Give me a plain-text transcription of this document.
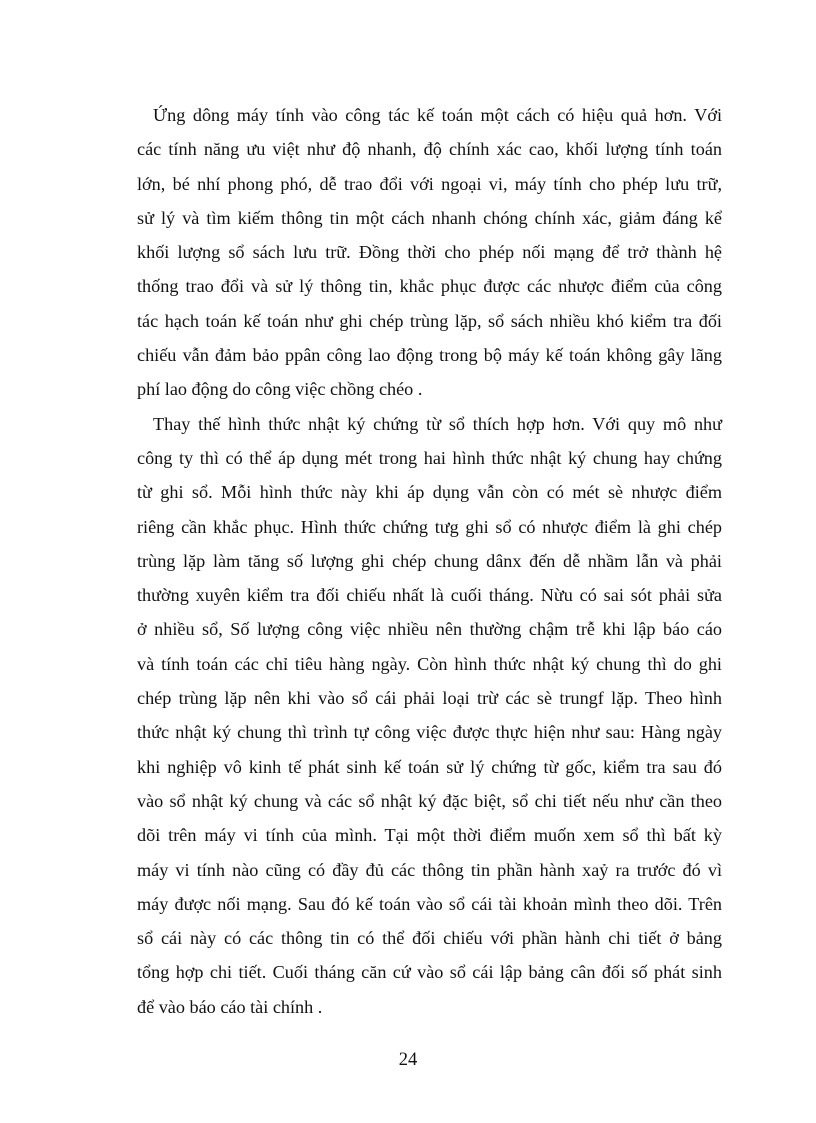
Ứng dông máy tính vào công tác kế toán một cách có hiệu quả hơn. Với
các tính năng ưu việt như độ nhanh, độ chính xác cao, khối lượng tính toán
lớn, bé nhí phong phó, dễ trao đổi với ngoại vi, máy tính cho phép lưu trữ,
sử lý và tìm kiếm thông tin một cách nhanh chóng chính xác, giảm đáng kể
khối lượng sổ sách lưu trữ. Đồng thời cho phép nối mạng để trở thành hệ
thống trao đổi và sử lý thông tin, khắc phục được các nhược điểm của công
tác hạch toán kế toán như ghi chép trùng lặp, sổ sách nhiều khó kiểm tra đối
chiếu vẫn đảm bảo ppân công lao động trong bộ máy kế toán không gây lãng
phí lao động do công việc chồng chéo .
Thay thế hình thức nhật ký chứng từ sổ thích hợp hơn. Với quy mô như
công ty thì có thể áp dụng mét trong hai hình thức nhật ký chung hay chứng
từ ghi sổ. Mỗi hình thức này khi áp dụng vẫn còn có mét sè nhược điểm
riêng cần khắc phục. Hình thức chứng tưg ghi sổ có nhược điểm là ghi chép
trùng lặp làm tăng số lượng ghi chép chung dânx đến dễ nhầm lẫn và phải
thường xuyên kiểm tra đối chiếu nhất là cuối tháng. Nừu có sai sót phải sửa
ở nhiều sổ, Số lượng công việc nhiều nên thường chậm trễ khi lập báo cáo
và tính toán các chỉ tiêu hàng ngày. Còn hình thức nhật ký chung thì do ghi
chép trùng lặp nên khi vào sổ cái phải loại trừ các sè trungf lặp. Theo hình
thức nhật ký chung thì trình tự công việc được thực hiện như sau: Hàng ngày
khi nghiệp vô kinh tế phát sinh kế toán sử lý chứng từ gốc, kiểm tra sau đó
vào sổ nhật ký chung và các sổ nhật ký đặc biệt, sổ chi tiết nếu như cần theo
dõi trên máy vi tính của mình. Tại một thời điểm muốn xem sổ thì bất kỳ
máy vi tính nào cũng có đầy đủ các thông tin phần hành xaỷ ra trước đó vì
máy được nối mạng. Sau đó kế toán vào sổ cái tài khoản mình theo dõi. Trên
sổ cái này có các thông tin có thể đối chiếu với phần hành chi tiết ở bảng
tổng hợp chi tiết. Cuối tháng căn cứ vào sổ cái lập bảng cân đối số phát sinh
để vào báo cáo tài chính .
24
